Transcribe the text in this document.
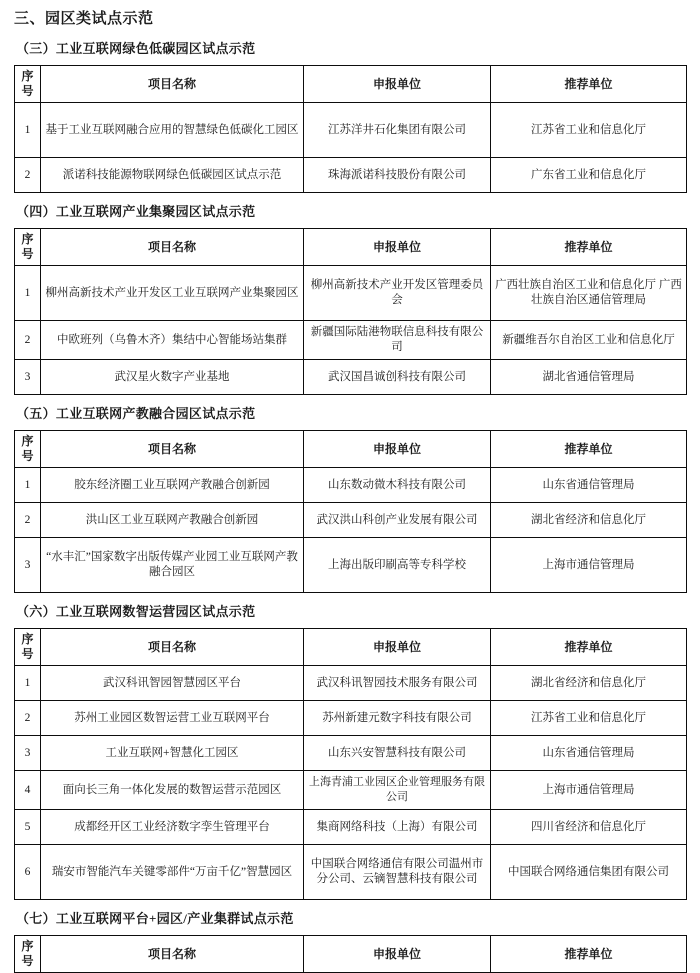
三、园区类试点示范
（三）工业互联网绿色低碳园区试点示范
序号	项目名称	申报单位	推荐单位
1	基于工业互联网融合应用的智慧绿色低碳化工园区	江苏洋井石化集团有限公司	江苏省工业和信息化厅
2	派诺科技能源物联网绿色低碳园区试点示范	珠海派诺科技股份有限公司	广东省工业和信息化厅
（四）工业互联网产业集聚园区试点示范
序号	项目名称	申报单位	推荐单位
1	柳州高新技术产业开发区工业互联网产业集聚园区	柳州高新技术产业开发区管理委员会	广西壮族自治区工业和信息化厅 广西壮族自治区通信管理局
2	中欧班列（乌鲁木齐）集结中心智能场站集群	新疆国际陆港物联信息科技有限公司	新疆维吾尔自治区工业和信息化厅
3	武汉星火数字产业基地	武汉国昌诚创科技有限公司	湖北省通信管理局
（五）工业互联网产教融合园区试点示范
序号	项目名称	申报单位	推荐单位
1	胶东经济圈工业互联网产教融合创新园	山东数动微木科技有限公司	山东省通信管理局
2	洪山区工业互联网产教融合创新园	武汉洪山科创产业发展有限公司	湖北省经济和信息化厅
3	“水丰汇”国家数字出版传媒产业园工业互联网产教融合园区	上海出版印刷高等专科学校	上海市通信管理局
（六）工业互联网数智运营园区试点示范
序号	项目名称	申报单位	推荐单位
1	武汉科讯智园智慧园区平台	武汉科讯智园技术服务有限公司	湖北省经济和信息化厅
2	苏州工业园区数智运营工业互联网平台	苏州新建元数字科技有限公司	江苏省工业和信息化厅
3	工业互联网+智慧化工园区	山东兴安智慧科技有限公司	山东省通信管理局
4	面向长三角一体化发展的数智运营示范园区	上海青浦工业园区企业管理服务有限公司	上海市通信管理局
5	成都经开区工业经济数字孪生管理平台	集商网络科技（上海）有限公司	四川省经济和信息化厅
6	瑞安市智能汽车关键零部件“万亩千亿”智慧园区	中国联合网络通信有限公司温州市分公司、云镝智慧科技有限公司	中国联合网络通信集团有限公司
（七）工业互联网平台+园区/产业集群试点示范
序号	项目名称	申报单位	推荐单位
